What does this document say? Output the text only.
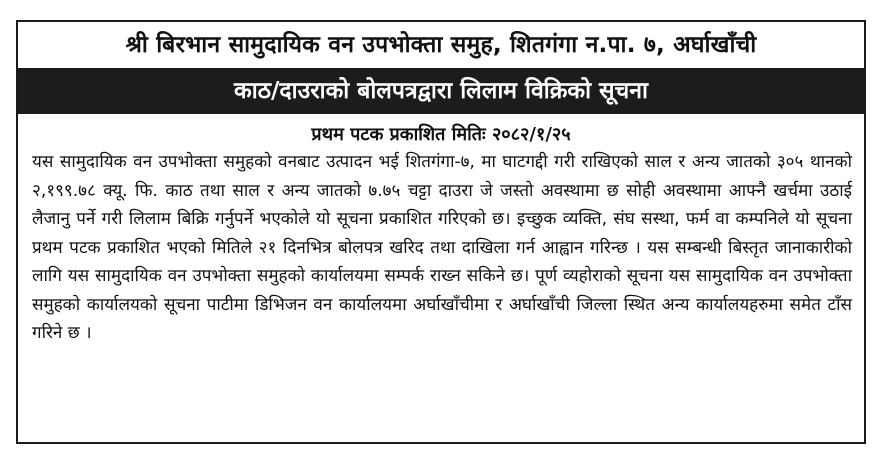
श्री बिरभान सामुदायिक वन उपभोक्ता समुह, शितगंगा न.पा. ७, अर्घाखाँची
काठ/दाउराको बोलपत्रद्वारा लिलाम विक्रिको सूचना
प्रथम पटक प्रकाशित मितिः २०८२/१/२५
यस सामुदायिक वन उपभोक्ता समुहको वनबाट उत्पादन भई शितगंगा-७, मा घाटगद्दी गरी राखिएको साल र अन्य जातको ३०५ थानको २,१९९.७८ क्यू. फि. काठ तथा साल र अन्य जातको ७.७५ चट्टा दाउरा जे जस्तो अवस्थामा छ सोही अवस्थामा आफ्नै खर्चमा उठाई लैजानु पर्ने गरी लिलाम बिक्रि गर्नुपर्ने भएकोले यो सूचना प्रकाशित गरिएको छ। इच्छुक व्यक्ति, संघ सस्था, फर्म वा कम्पनिले यो सूचना प्रथम पटक प्रकाशित भएको मितिले २१ दिनभित्र बोलपत्र खरिद तथा दाखिला गर्न आह्वान गरिन्छ । यस सम्बन्धी बिस्तृत जानाकारीको लागि यस सामुदायिक वन उपभोक्ता समुहको कार्यालयमा सम्पर्क राख्न सकिने छ। पूर्ण व्यहोराको सूचना यस सामुदायिक वन उपभोक्ता समुहको कार्यालयको सूचना पाटीमा डिभिजन वन कार्यालयमा अर्घाखाँचीमा र अर्घाखाँची जिल्ला स्थित अन्य कार्यालयहरुमा समेत टाँस गरिने छ ।
